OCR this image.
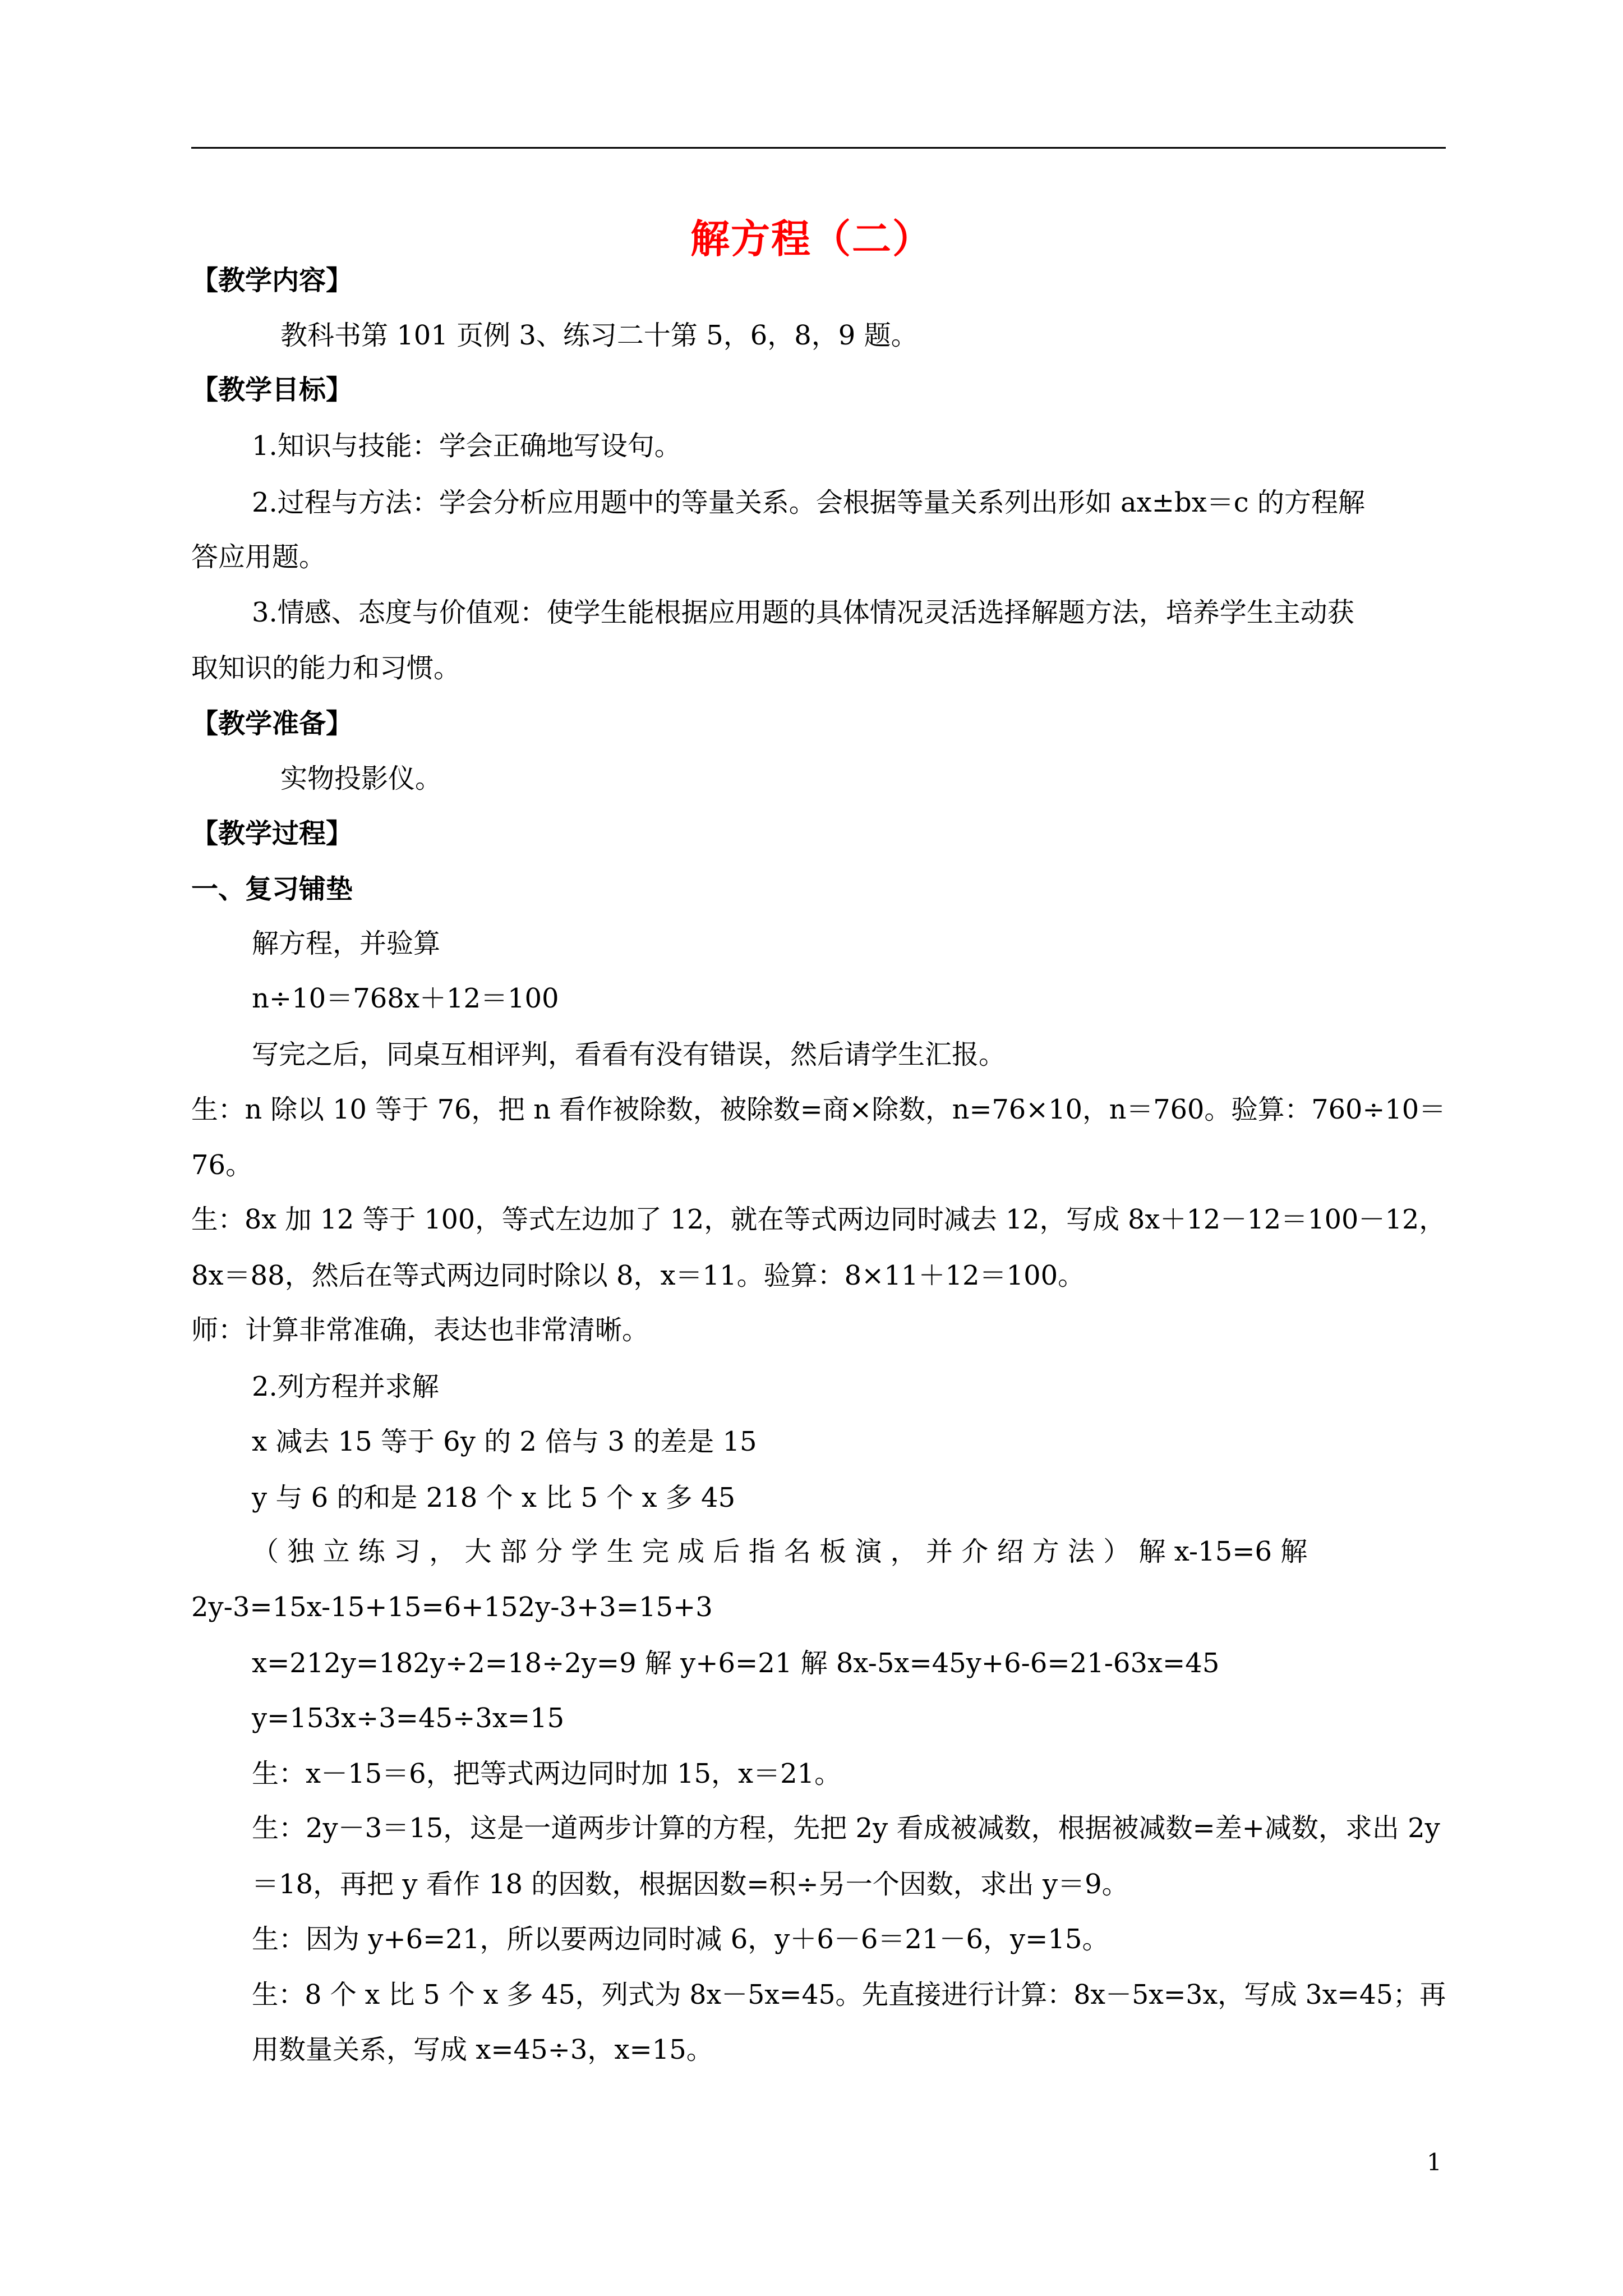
解方程（二）
【教学内容】
教科书第 101 页例 3、练习二十第 5，6，8，9 题。
【教学目标】
1.知识与技能：学会正确地写设句。
2.过程与方法：学会分析应用题中的等量关系。会根据等量关系列出形如 ax±bx＝c 的方程解
答应用题。
3.情感、态度与价值观：使学生能根据应用题的具体情况灵活选择解题方法，培养学生主动获
取知识的能力和习惯。
【教学准备】
实物投影仪。
【教学过程】
一、复习铺垫
解方程，并验算
n÷10＝768x＋12＝100
写完之后，同桌互相评判，看看有没有错误，然后请学生汇报。
生：n 除以 10 等于 76，把 n 看作被除数，被除数=商×除数，n=76×10，n＝760。验算：760÷10＝
76。
生：8x 加 12 等于 100，等式左边加了 12，就在等式两边同时减去 12，写成 8x＋12－12＝100－12，
8x＝88，然后在等式两边同时除以 8，x＝11。验算：8×11＋12＝100。
师：计算非常准确，表达也非常清晰。
2.列方程并求解
x 减去 15 等于 6y 的 2 倍与 3 的差是 15
y 与 6 的和是 218 个 x 比 5 个 x 多 45
（ 独 立 练 习 ， 大 部 分 学 生 完 成 后 指 名 板 演 ， 并 介 绍 方 法 ） 解 x-15=6 解
2y-3=15x-15+15=6+152y-3+3=15+3
x=212y=182y÷2=18÷2y=9 解 y+6=21 解 8x-5x=45y+6-6=21-63x=45
y=153x÷3=45÷3x=15
生：x－15＝6，把等式两边同时加 15，x＝21。
生：2y－3＝15，这是一道两步计算的方程，先把 2y 看成被减数，根据被减数=差+减数，求出 2y
＝18，再把 y 看作 18 的因数，根据因数=积÷另一个因数，求出 y＝9。
生：因为 y+6=21，所以要两边同时减 6，y＋6－6＝21－6，y=15。
生：8 个 x 比 5 个 x 多 45，列式为 8x－5x=45。先直接进行计算：8x－5x=3x，写成 3x=45；再
用数量关系，写成 x=45÷3，x=15。
1
